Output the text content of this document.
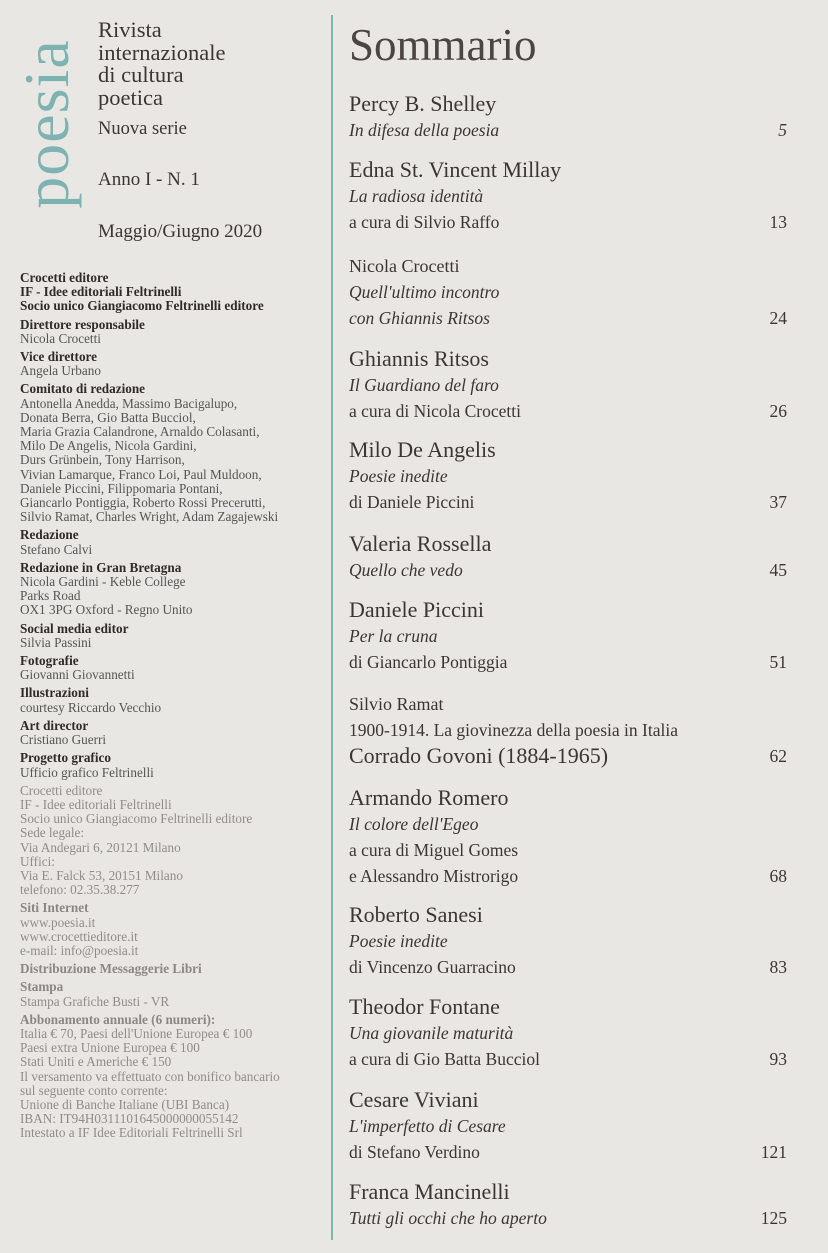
poesia
Rivista
internazionale
di cultura
poetica
Nuova serie
Anno I - N. 1
Maggio/Giugno 2020
Crocetti editore
IF - Idee editoriali Feltrinelli
Socio unico Giangiacomo Feltrinelli editore
Direttore responsabile
Nicola Crocetti
Vice direttore
Angela Urbano
Comitato di redazione
Antonella Anedda, Massimo Bacigalupo,
Donata Berra, Gio Batta Bucciol,
Maria Grazia Calandrone, Arnaldo Colasanti,
Milo De Angelis, Nicola Gardini,
Durs Grünbein, Tony Harrison,
Vivian Lamarque, Franco Loi, Paul Muldoon,
Daniele Piccini, Filippomaria Pontani,
Giancarlo Pontiggia, Roberto Rossi Precerutti,
Silvio Ramat, Charles Wright, Adam Zagajewski
Redazione
Stefano Calvi
Redazione in Gran Bretagna
Nicola Gardini - Keble College
Parks Road
OX1 3PG Oxford - Regno Unito
Social media editor
Silvia Passini
Fotografie
Giovanni Giovannetti
Illustrazioni
courtesy Riccardo Vecchio
Art director
Cristiano Guerri
Progetto grafico
Ufficio grafico Feltrinelli
Crocetti editore
IF - Idee editoriali Feltrinelli
Socio unico Giangiacomo Feltrinelli editore
Sede legale:
Via Andegari 6, 20121 Milano
Uffici:
Via E. Falck 53, 20151 Milano
telefono: 02.35.38.277
Siti Internet
www.poesia.it
www.crocettieditore.it
e-mail: info@poesia.it
Distribuzione Messaggerie Libri
Stampa
Stampa Grafiche Busti - VR
Abbonamento annuale (6 numeri):
Italia € 70, Paesi dell'Unione Europea € 100
Paesi extra Unione Europea € 100
Stati Uniti e Americhe € 150
Il versamento va effettuato con bonifico bancario
sul seguente conto corrente:
Unione di Banche Italiane (UBI Banca)
IBAN: IT94H0311101645000000055142
Intestato a IF Idee Editoriali Feltrinelli Srl
Sommario
Percy B. Shelley
In difesa della poesia	5
Edna St. Vincent Millay
La radiosa identità
a cura di Silvio Raffo	13
Nicola Crocetti
Quell'ultimo incontro
con Ghiannis Ritsos	24
Ghiannis Ritsos
Il Guardiano del faro
a cura di Nicola Crocetti	26
Milo De Angelis
Poesie inedite
di Daniele Piccini	37
Valeria Rossella
Quello che vedo	45
Daniele Piccini
Per la cruna
di Giancarlo Pontiggia	51
Silvio Ramat
1900-1914. La giovinezza della poesia in Italia
Corrado Govoni (1884-1965)	62
Armando Romero
Il colore dell'Egeo
a cura di Miguel Gomes
e Alessandro Mistrorigo	68
Roberto Sanesi
Poesie inedite
di Vincenzo Guarracino	83
Theodor Fontane
Una giovanile maturità
a cura di Gio Batta Bucciol	93
Cesare Viviani
L'imperfetto di Cesare
di Stefano Verdino	121
Franca Mancinelli
Tutti gli occhi che ho aperto	125
